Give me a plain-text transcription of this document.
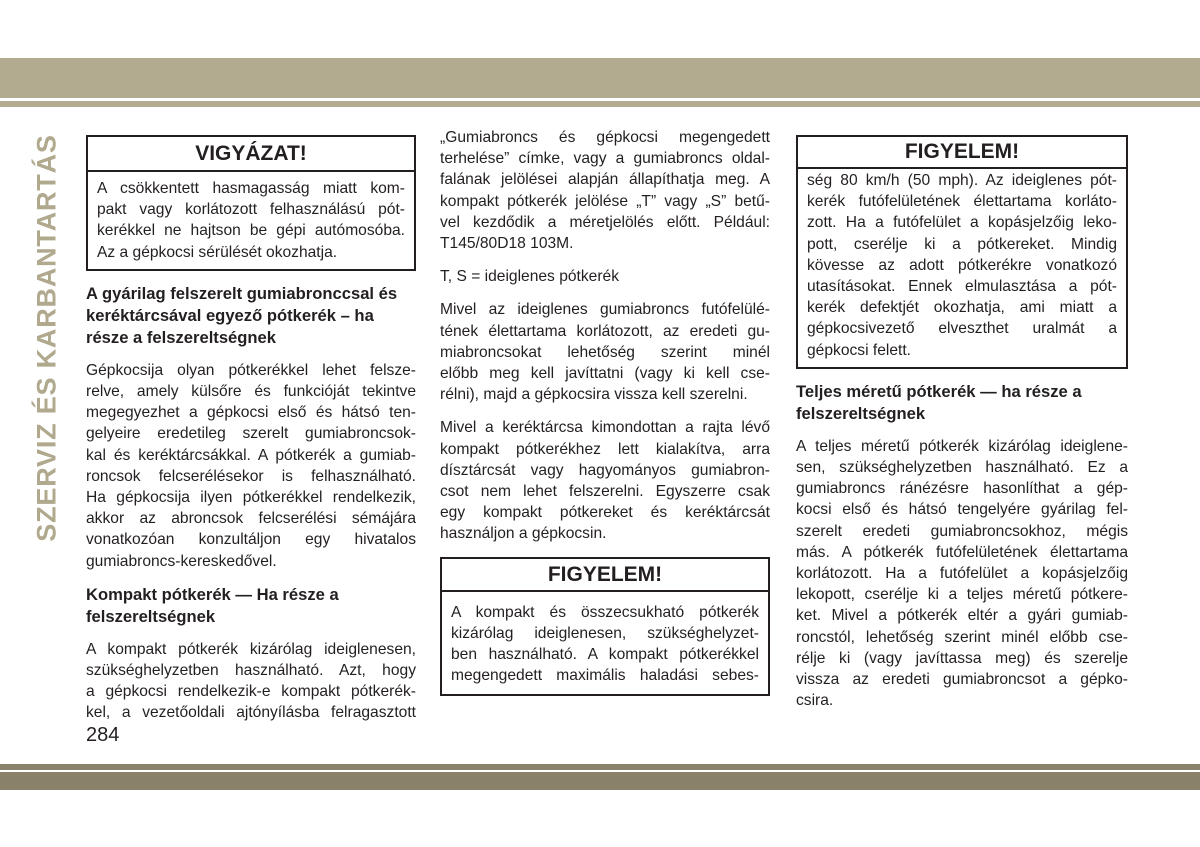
SZERVIZ ÉS KARBANTARTÁS	VIGYÁZAT!

A csökkentett hasmagasság miatt kom-
pakt vagy korlátozott felhasználású pót-
kerékkel ne hajtson be gépi autómosóba.
Az a gépkocsi sérülését okozhatja.

A gyárilag felszerelt gumiabronccsal és keréktárcsával egyező pótkerék – ha része a felszereltségnek

Gépkocsija olyan pótkerékkel lehet felsze-
relve, amely külsőre és funkcióját tekintve
megegyezhet a gépkocsi első és hátsó ten-
gelyeire eredetileg szerelt gumiabroncsok-
kal és keréktárcsákkal. A pótkerék a gumiab-
roncsok felcserélésekor is felhasználható.
Ha gépkocsija ilyen pótkerékkel rendelkezik,
akkor az abroncsok felcserélési sémájára
vonatkozóan konzultáljon egy hivatalos
gumiabroncs-kereskedővel.

Kompakt pótkerék — Ha része a felszereltségnek

A kompakt pótkerék kizárólag ideiglenesen,
szükséghelyzetben használható. Azt, hogy
a gépkocsi rendelkezik-e kompakt pótkerék-
kel, a vezetőoldali ajtónyílásba felragasztott

„Gumiabroncs és gépkocsi megengedett
terhelése” címke, vagy a gumiabroncs oldal-
falának jelölései alapján állapíthatja meg. A
kompakt pótkerék jelölése „T” vagy „S” betű-
vel kezdődik a méretjelölés előtt. Például:
T145/80D18 103M.

T, S = ideiglenes pótkerék

Mivel az ideiglenes gumiabroncs futófelülé-
tének élettartama korlátozott, az eredeti gu-
miabroncsokat lehetőség szerint minél
előbb meg kell javíttatni (vagy ki kell cse-
rélni), majd a gépkocsira vissza kell szerelni.

Mivel a keréktárcsa kimondottan a rajta lévő
kompakt pótkerékhez lett kialakítva, arra
dísztárcsát vagy hagyományos gumiabron-
csot nem lehet felszerelni. Egyszerre csak
egy kompakt pótkereket és keréktárcsát
használjon a gépkocsin.

FIGYELEM!

A kompakt és összecsukható pótkerék
kizárólag ideiglenesen, szükséghelyzet-
ben használható. A kompakt pótkerékkel
megengedett maximális haladási sebes-

FIGYELEM!

ség 80 km/h (50 mph). Az ideiglenes pót-
kerék futófelületének élettartama korláto-
zott. Ha a futófelület a kopásjelzőig leko-
pott, cserélje ki a pótkereket. Mindig
kövesse az adott pótkerékre vonatkozó
utasításokat. Ennek elmulasztása a pót-
kerék defektjét okozhatja, ami miatt a
gépkocsivezető elveszthet uralmát a
gépkocsi felett.

Teljes méretű pótkerék — ha része a felszereltségnek

A teljes méretű pótkerék kizárólag ideiglene-
sen, szükséghelyzetben használható. Ez a
gumiabroncs ránézésre hasonlíthat a gép-
kocsi első és hátsó tengelyére gyárilag fel-
szerelt eredeti gumiabroncsokhoz, mégis
más. A pótkerék futófelületének élettartama
korlátozott. Ha a futófelület a kopásjelzőig
lekopott, cserélje ki a teljes méretű pótkere-
ket. Mivel a pótkerék eltér a gyári gumiab-
roncstól, lehetőség szerint minél előbb cse-
rélje ki (vagy javíttassa meg) és szerelje
vissza az eredeti gumiabroncsot a gépko-
csira.

284
